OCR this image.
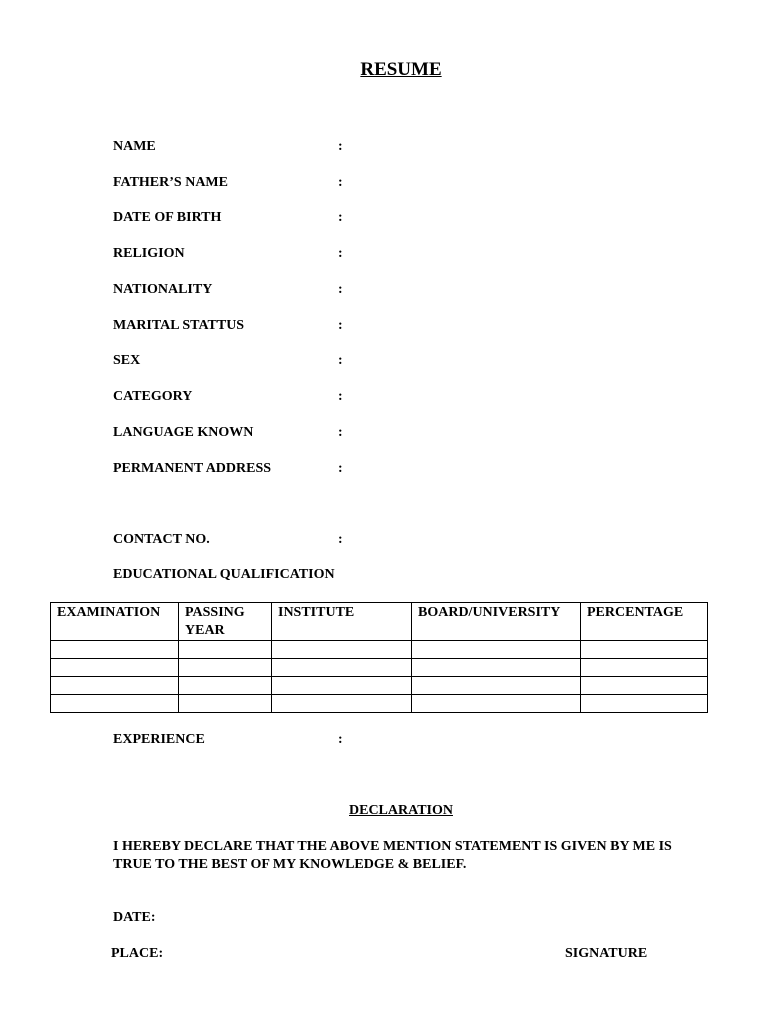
RESUME
NAME	:
FATHER’S NAME	:
DATE OF BIRTH	:
RELIGION	:
NATIONALITY	:
MARITAL STATTUS	:
SEX	:
CATEGORY	:
LANGUAGE KNOWN	:
PERMANENT ADDRESS	:
CONTACT NO.	:
EDUCATIONAL QUALIFICATION
EXAMINATION	PASSING YEAR	INSTITUTE	BOARD/UNIVERSITY	PERCENTAGE

EXPERIENCE	:
DECLARATION
I HEREBY DECLARE THAT THE ABOVE MENTION STATEMENT IS GIVEN BY ME IS TRUE TO THE BEST OF MY KNOWLEDGE & BELIEF.
DATE:
PLACE:	SIGNATURE
